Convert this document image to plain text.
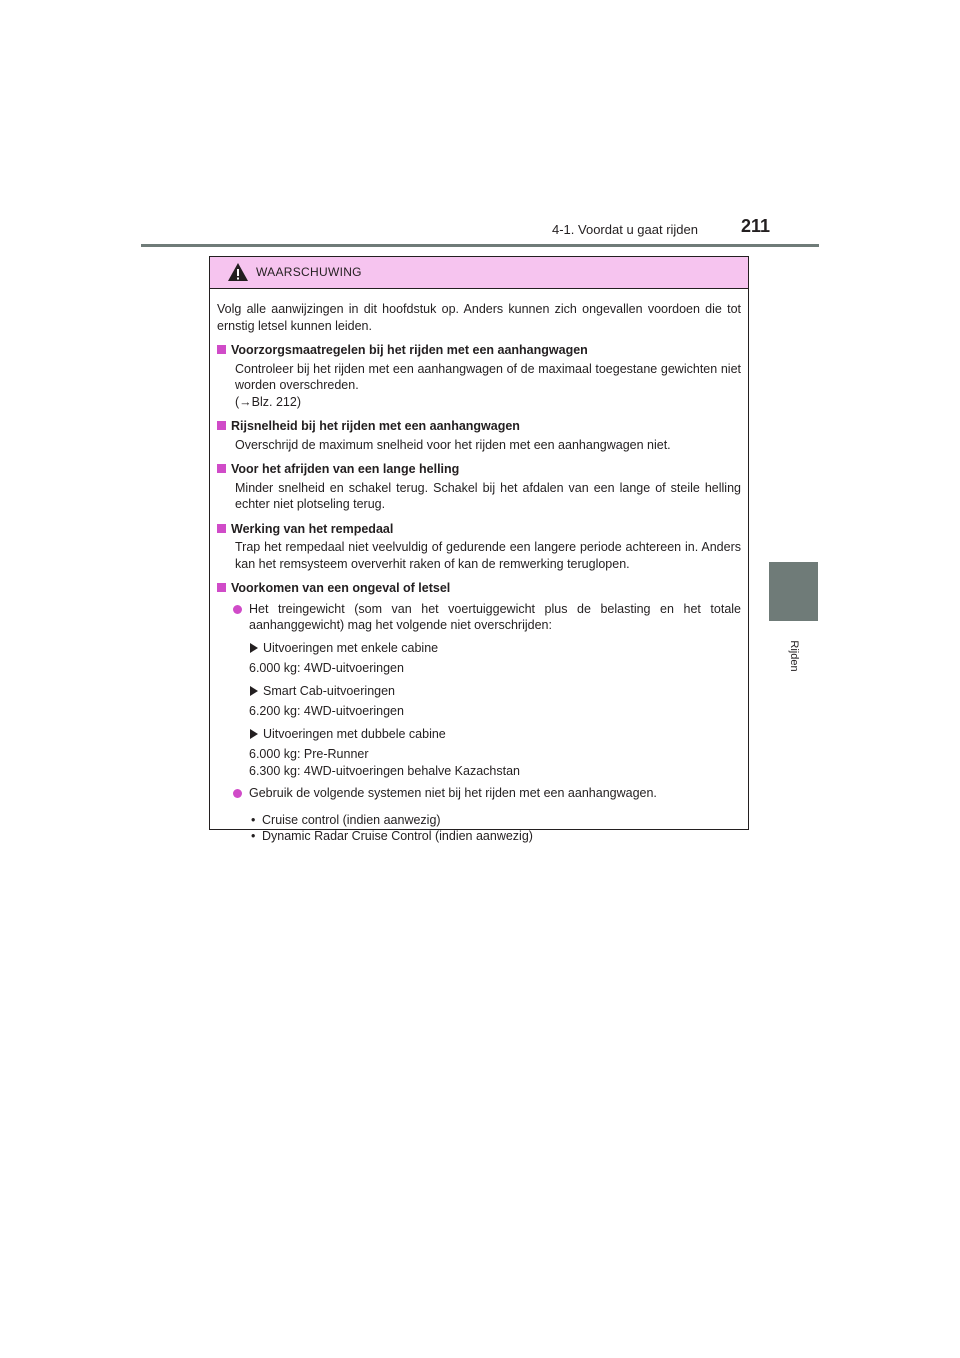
4-1. Voordat u gaat rijden 211
4
Rijden
WAARSCHUWING

Volg alle aanwijzingen in dit hoofdstuk op. Anders kunnen zich ongevallen voordoen die tot ernstig letsel kunnen leiden.

Voorzorgsmaatregelen bij het rijden met een aanhangwagen

Controleer bij het rijden met een aanhangwagen of de maximaal toegestane gewichten niet worden overschreden.
(→Blz. 212)

Rijsnelheid bij het rijden met een aanhangwagen

Overschrijd de maximum snelheid voor het rijden met een aanhangwagen niet.

Voor het afrijden van een lange helling

Minder snelheid en schakel terug. Schakel bij het afdalen van een lange of steile helling echter niet plotseling terug.

Werking van het rempedaal

Trap het rempedaal niet veelvuldig of gedurende een langere periode achtereen in. Anders kan het remsysteem oververhit raken of kan de remwerking teruglopen.

Voorkomen van een ongeval of letsel

Het treingewicht (som van het voertuiggewicht plus de belasting en het totale aanhanggewicht) mag het volgende niet overschrijden:
Uitvoeringen met enkele cabine
6.000 kg: 4WD-uitvoeringen
Smart Cab-uitvoeringen
6.200 kg: 4WD-uitvoeringen
Uitvoeringen met dubbele cabine
6.000 kg: Pre-Runner
6.300 kg: 4WD-uitvoeringen behalve Kazachstan
Gebruik de volgende systemen niet bij het rijden met een aanhangwagen.
• Cruise control (indien aanwezig)
• Dynamic Radar Cruise Control (indien aanwezig)
